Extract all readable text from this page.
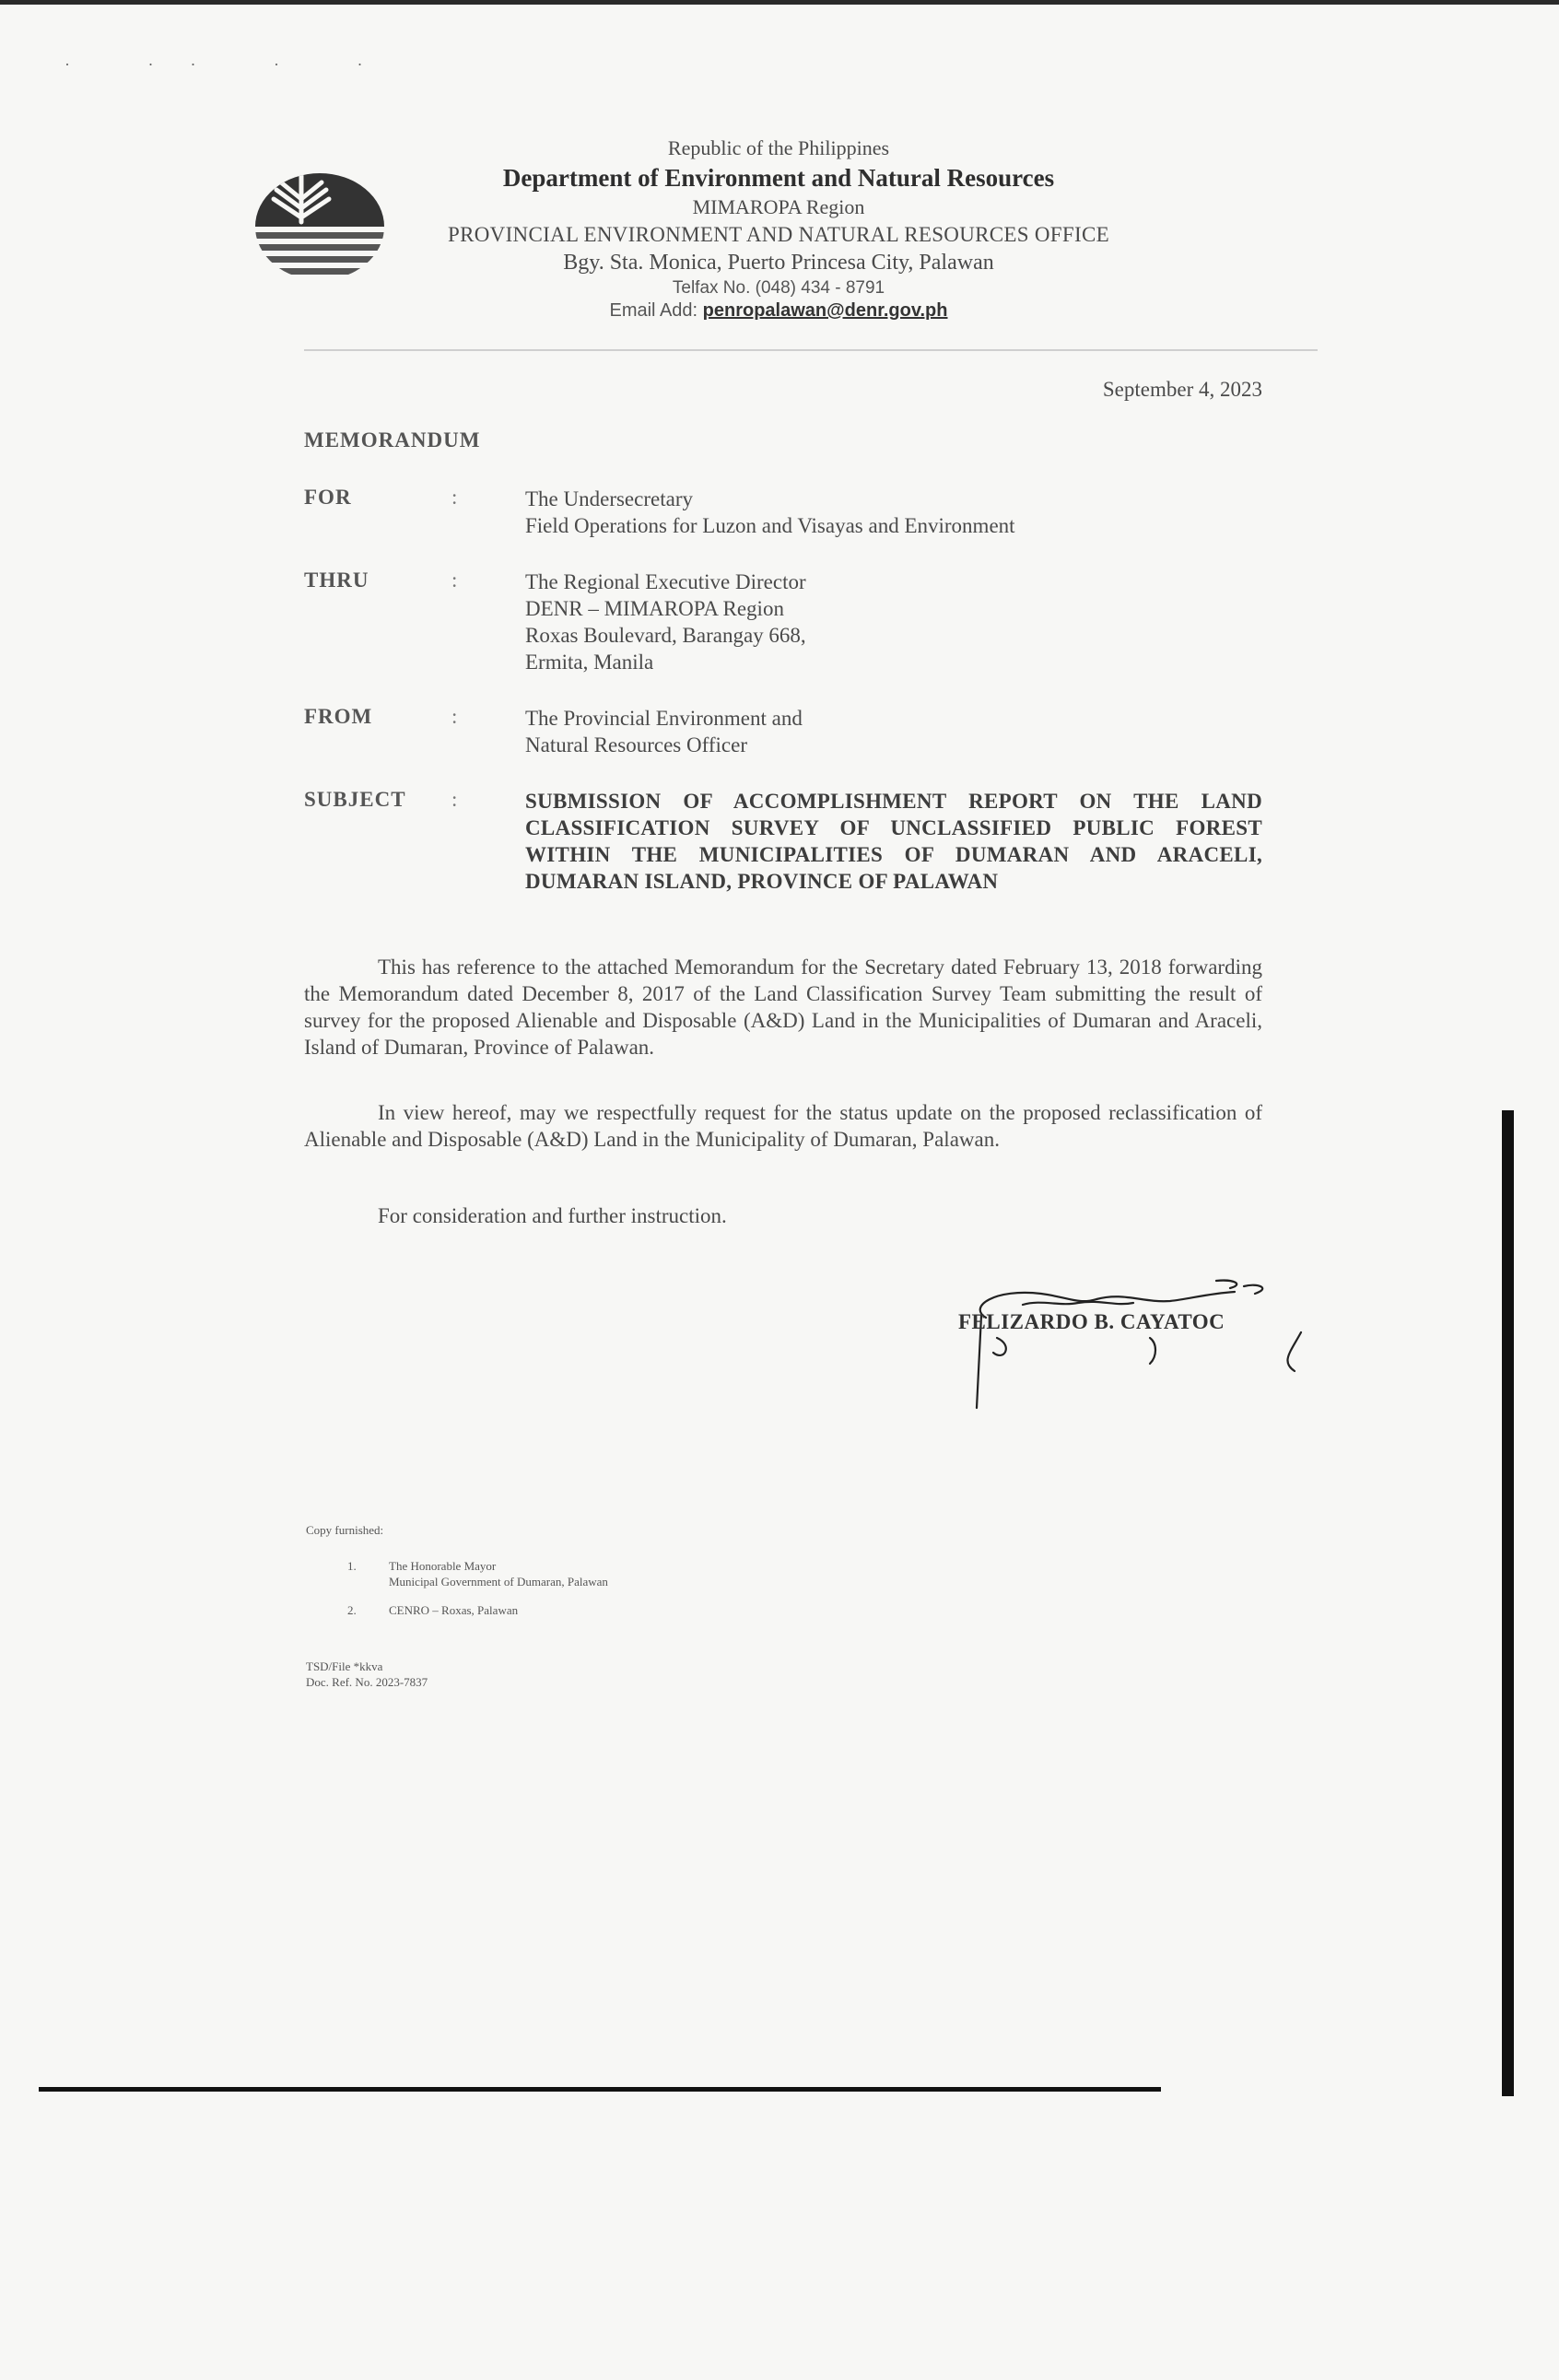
· ·· · ·
Republic of the Philippines
Department of Environment and Natural Resources
MIMAROPA Region
PROVINCIAL ENVIRONMENT AND NATURAL RESOURCES OFFICE
Bgy. Sta. Monica, Puerto Princesa City, Palawan
Telfax No. (048) 434 - 8791
Email Add: penropalawan@denr.gov.ph
September 4, 2023
MEMORANDUM
FOR	:	The Undersecretary
Field Operations for Luzon and Visayas and Environment
THRU	:	The Regional Executive Director
DENR – MIMAROPA Region
Roxas Boulevard, Barangay 668,
Ermita, Manila
FROM	:	The Provincial Environment and
Natural Resources Officer
SUBJECT :	SUBMISSION OF ACCOMPLISHMENT REPORT ON THE LAND CLASSIFICATION SURVEY OF UNCLASSIFIED PUBLIC FOREST WITHIN THE MUNICIPALITIES OF DUMARAN AND ARACELI, DUMARAN ISLAND, PROVINCE OF PALAWAN

This has reference to the attached Memorandum for the Secretary dated February 13, 2018 forwarding the Memorandum dated December 8, 2017 of the Land Classification Survey Team submitting the result of survey for the proposed Alienable and Disposable (A&D) Land in the Municipalities of Dumaran and Araceli, Island of Dumaran, Province of Palawan.

In view hereof, may we respectfully request for the status update on the proposed reclassification of Alienable and Disposable (A&D) Land in the Municipality of Dumaran, Palawan.

For consideration and further instruction.

FELIZARDO B. CAYATOC
Copy furnished:
1.	The Honorable Mayor
Municipal Government of Dumaran, Palawan
2.	CENRO – Roxas, Palawan
TSD/File *kkva
Doc. Ref. No. 2023-7837
